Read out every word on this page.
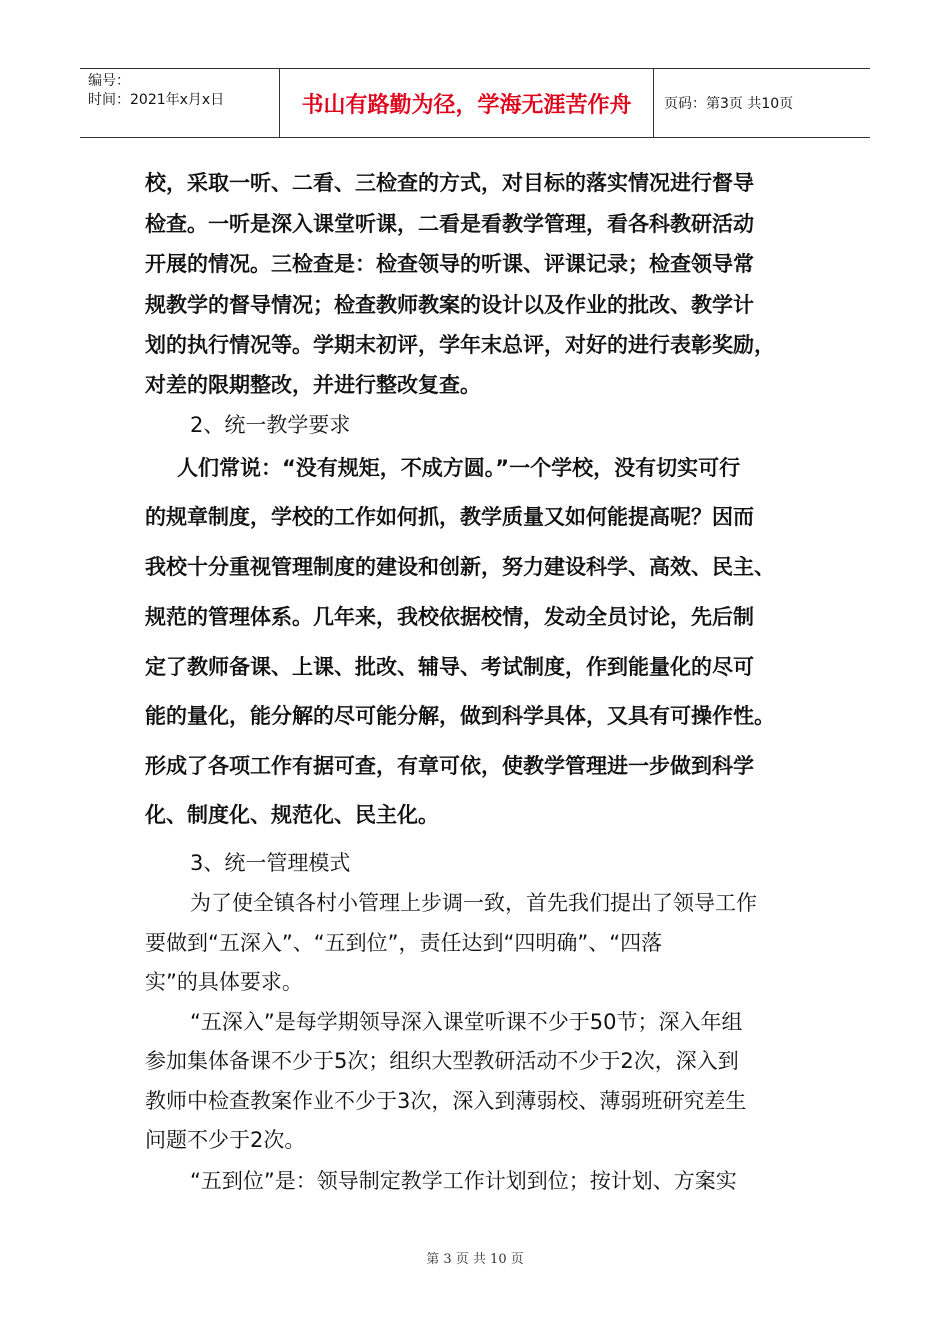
编号：
时间：2021年x月x日	书山有路勤为径，学海无涯苦作舟	页码：第3页 共10页
校，采取一听、二看、三检查的方式，对目标的落实情况进行督导
检查。一听是深入课堂听课，二看是看教学管理，看各科教研活动
开展的情况。三检查是：检查领导的听课、评课记录；检查领导常
规教学的督导情况；检查教师教案的设计以及作业的批改、教学计
划的执行情况等。学期末初评，学年末总评，对好的进行表彰奖励，
对差的限期整改，并进行整改复查。
2、统一教学要求
人们常说：“没有规矩，不成方圆。”一个学校，没有切实可行
的规章制度，学校的工作如何抓，教学质量又如何能提高呢？因而
我校十分重视管理制度的建设和创新，努力建设科学、高效、民主、
规范的管理体系。几年来，我校依据校情，发动全员讨论，先后制
定了教师备课、上课、批改、辅导、考试制度，作到能量化的尽可
能的量化，能分解的尽可能分解，做到科学具体，又具有可操作性。
形成了各项工作有据可查，有章可依，使教学管理进一步做到科学
化、制度化、规范化、民主化。
3、统一管理模式
为了使全镇各村小管理上步调一致，首先我们提出了领导工作
要做到“五深入”、“五到位”，责任达到“四明确”、“四落
实”的具体要求。
“五深入”是每学期领导深入课堂听课不少于50节；深入年组
参加集体备课不少于5次；组织大型教研活动不少于2次，深入到
教师中检查教案作业不少于3次，深入到薄弱校、薄弱班研究差生
问题不少于2次。
“五到位”是：领导制定教学工作计划到位；按计划、方案实
第 3 页 共 10 页
